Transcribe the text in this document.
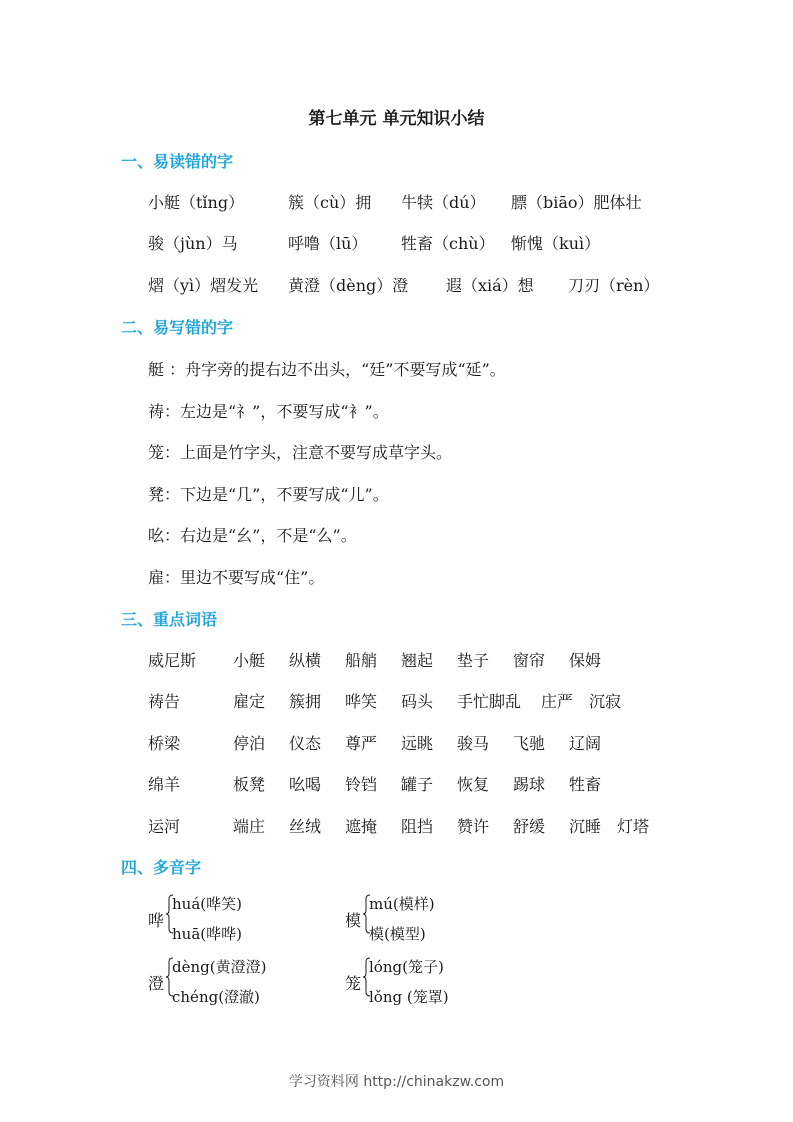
第七单元 单元知识小结
一、易读错的字
小艇（tǐng）	簇（cù）拥 牛犊（dú） 膘（biāo）肥体壮
骏（jùn）马	呼噜（lū） 牲畜（chù） 惭愧（kuì）
熠（yì）熠发光 黄澄（dèng）澄 遐（xiá）想 刀刃（rèn）
二、易写错的字
艇 ：舟字旁的提右边不出头，“廷”不要写成“延”。
祷：左边是“礻”，不要写成“衤”。
笼：上面是竹字头，注意不要写成草字头。
凳：下边是“几”，不要写成“儿”。
吆：右边是“幺”，不是“么”。
雇：里边不要写成“住”。
三、重点词语
威尼斯 小艇 纵横 船艄 翘起 垫子 窗帘 保姆
祷告	雇定 簇拥 哗笑 码头 手忙脚乱 庄严 沉寂
桥梁	停泊 仪态 尊严 远眺 骏马 飞驰 辽阔
绵羊	板凳 吆喝 铃铛 罐子 恢复 踢球 牲畜
运河	端庄 丝绒 遮掩 阻挡 赞许 舒缓 沉睡 灯塔
四、多音字
哗
huá(哗笑)
huā(哗哗)
模
mú(模样)
模(模型)
澄
dèng(黄澄澄)
chéng(澄澈)
笼
lóng(笼子)
lǒng (笼罩)
学习资料网 http://chinakzw.com
